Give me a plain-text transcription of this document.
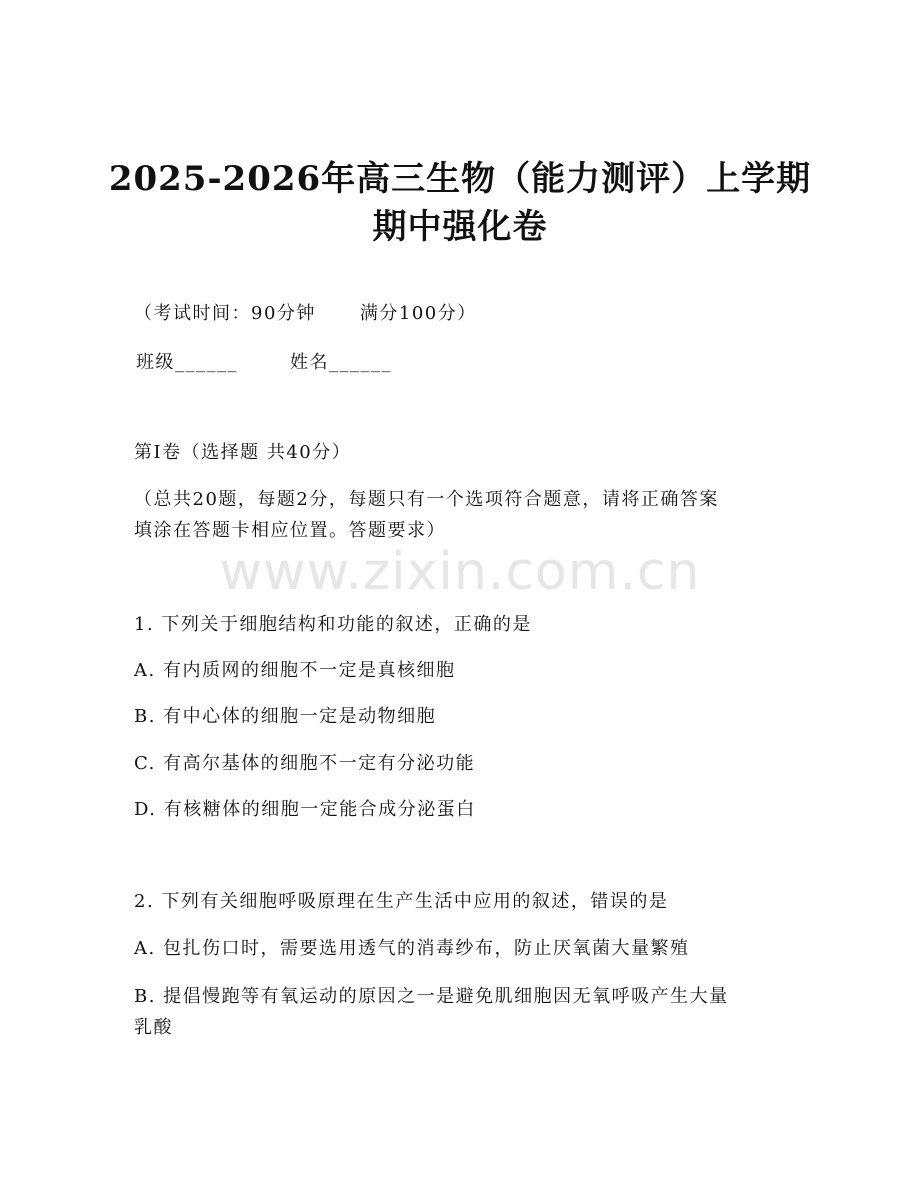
2025-2026年高三生物（能力测评）上学期
期中强化卷
（考试时间：90分钟 满分100分）
班级______	姓名______
第I卷（选择题 共40分）
（总共20题，每题2分，每题只有一个选项符合题意，请将正确答案
填涂在答题卡相应位置。答题要求）
www.zixin.com.cn
1. 下列关于细胞结构和功能的叙述，正确的是
A. 有内质网的细胞不一定是真核细胞
B. 有中心体的细胞一定是动物细胞
C. 有高尔基体的细胞不一定有分泌功能
D. 有核糖体的细胞一定能合成分泌蛋白
2. 下列有关细胞呼吸原理在生产生活中应用的叙述，错误的是
A. 包扎伤口时，需要选用透气的消毒纱布，防止厌氧菌大量繁殖
B. 提倡慢跑等有氧运动的原因之一是避免肌细胞因无氧呼吸产生大量
乳酸
